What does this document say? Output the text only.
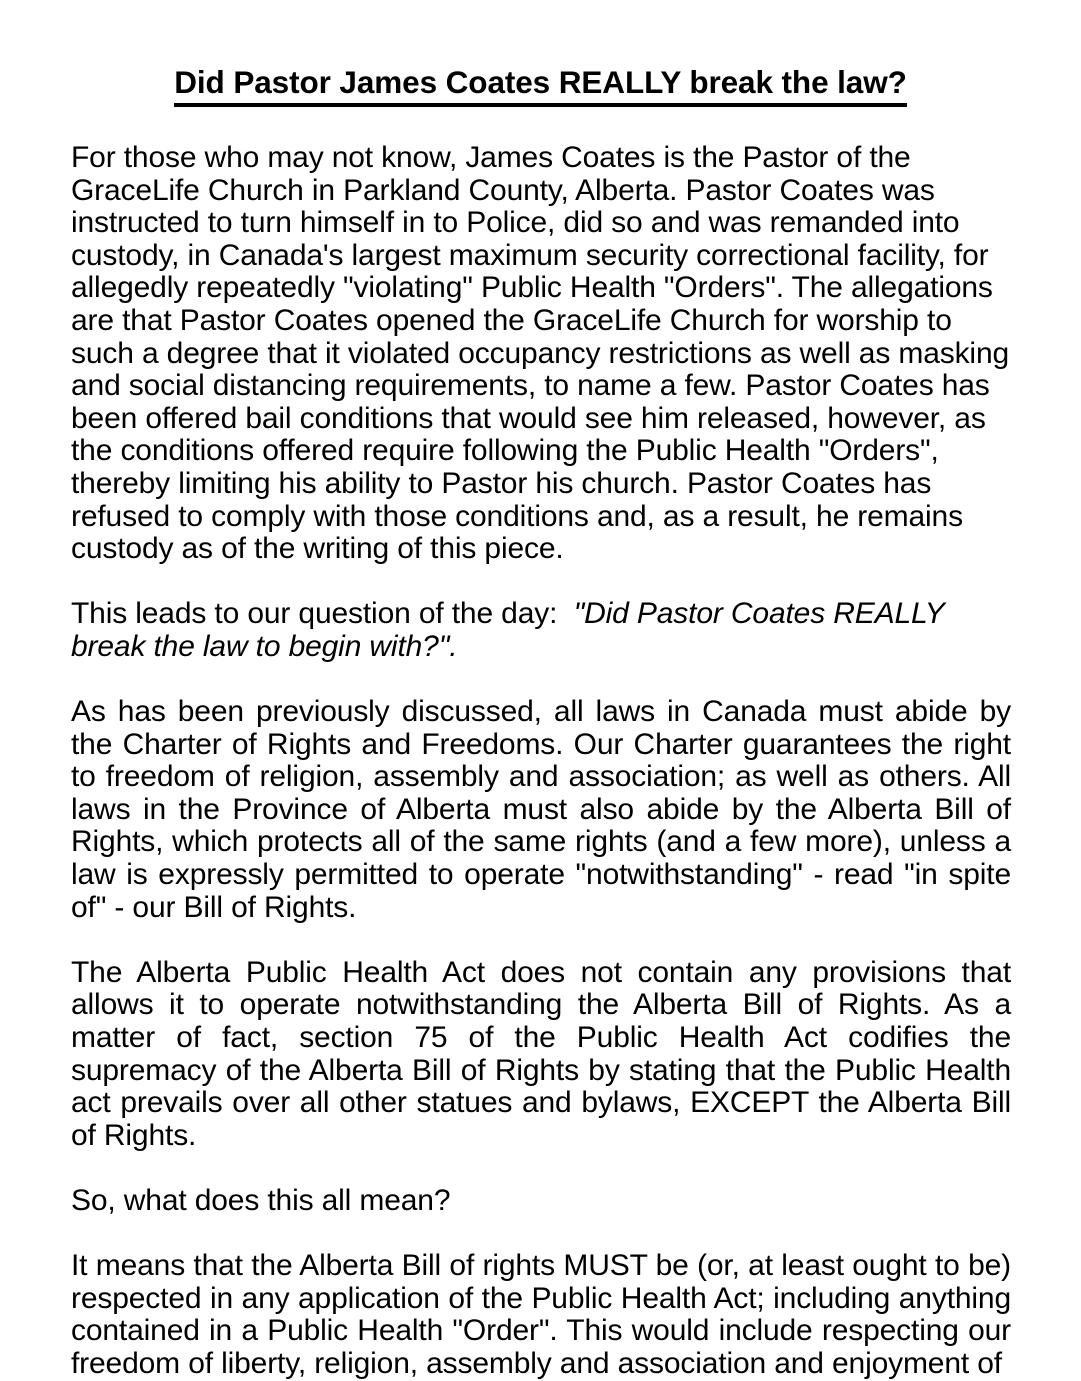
Did Pastor James Coates REALLY break the law?

For those who may not know, James Coates is the Pastor of the GraceLife Church in Parkland County, Alberta. Pastor Coates was instructed to turn himself in to Police, did so and was remanded into custody, in Canada's largest maximum security correctional facility, for allegedly repeatedly "violating" Public Health "Orders". The allegations are that Pastor Coates opened the GraceLife Church for worship to such a degree that it violated occupancy restrictions as well as masking and social distancing requirements, to name a few. Pastor Coates has been offered bail conditions that would see him released, however, as the conditions offered require following the Public Health "Orders", thereby limiting his ability to Pastor his church. Pastor Coates has refused to comply with those conditions and, as a result, he remains custody as of the writing of this piece.

This leads to our question of the day: "Did Pastor Coates REALLY break the law to begin with?".

As has been previously discussed, all laws in Canada must abide by the Charter of Rights and Freedoms. Our Charter guarantees the right to freedom of religion, assembly and association; as well as others. All laws in the Province of Alberta must also abide by the Alberta Bill of Rights, which protects all of the same rights (and a few more), unless a law is expressly permitted to operate "notwithstanding" - read "in spite of" - our Bill of Rights.

The Alberta Public Health Act does not contain any provisions that allows it to operate notwithstanding the Alberta Bill of Rights. As a matter of fact, section 75 of the Public Health Act codifies the supremacy of the Alberta Bill of Rights by stating that the Public Health act prevails over all other statues and bylaws, EXCEPT the Alberta Bill of Rights.

So, what does this all mean?

It means that the Alberta Bill of rights MUST be (or, at least ought to be) respected in any application of the Public Health Act; including anything contained in a Public Health "Order". This would include respecting our freedom of liberty, religion, assembly and association and enjoyment of
